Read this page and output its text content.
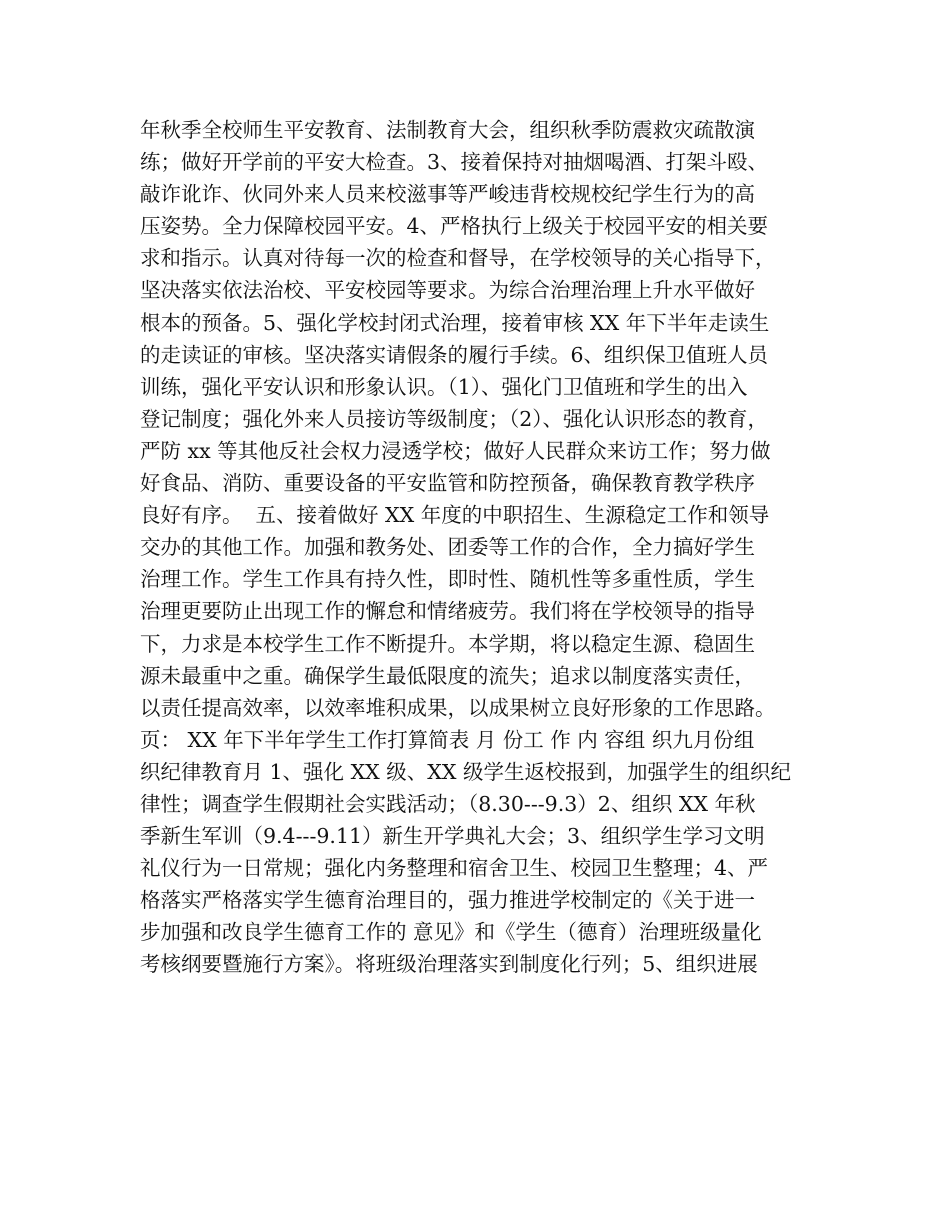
年秋季全校师生平安教育、法制教育大会，组织秋季防震救灾疏散演
练；做好开学前的平安大检查。3、接着保持对抽烟喝酒、打架斗殴、
敲诈讹诈、伙同外来人员来校滋事等严峻违背校规校纪学生行为的高
压姿势。全力保障校园平安。4、严格执行上级关于校园平安的相关要
求和指示。认真对待每一次的检查和督导，在学校领导的关心指导下，
坚决落实依法治校、平安校园等要求。为综合治理治理上升水平做好
根本的预备。5、强化学校封闭式治理，接着审核 XX 年下半年走读生
的走读证的审核。坚决落实请假条的履行手续。6、组织保卫值班人员
训练，强化平安认识和形象认识。（1）、强化门卫值班和学生的出入
登记制度；强化外来人员接访等级制度；（2）、强化认识形态的教育，
严防 xx 等其他反社会权力浸透学校；做好人民群众来访工作；努力做
好食品、消防、重要设备的平安监管和防控预备，确保教育教学秩序
良好有序。  五、接着做好 XX 年度的中职招生、生源稳定工作和领导
交办的其他工作。加强和教务处、团委等工作的合作，全力搞好学生
治理工作。学生工作具有持久性，即时性、随机性等多重性质，学生
治理更要防止出现工作的懈怠和情绪疲劳。我们将在学校领导的指导
下，力求是本校学生工作不断提升。本学期，将以稳定生源、稳固生
源未最重中之重。确保学生最低限度的流失；追求以制度落实责任，
以责任提高效率，以效率堆积成果，以成果树立良好形象的工作思路。
页： XX 年下半年学生工作打算简表 月 份工 作 内 容组 织九月份组
织纪律教育月 1、强化 XX 级、XX 级学生返校报到，加强学生的组织纪
律性；调查学生假期社会实践活动；（8.30---9.3）2、组织 XX 年秋
季新生军训（9.4---9.11）新生开学典礼大会；3、组织学生学习文明
礼仪行为一日常规；强化内务整理和宿舍卫生、校园卫生整理；4、严
格落实严格落实学生德育治理目的，强力推进学校制定的《关于进一
步加强和改良学生德育工作的 意见》和《学生（德育）治理班级量化
考核纲要暨施行方案》。将班级治理落实到制度化行列；5、组织进展
